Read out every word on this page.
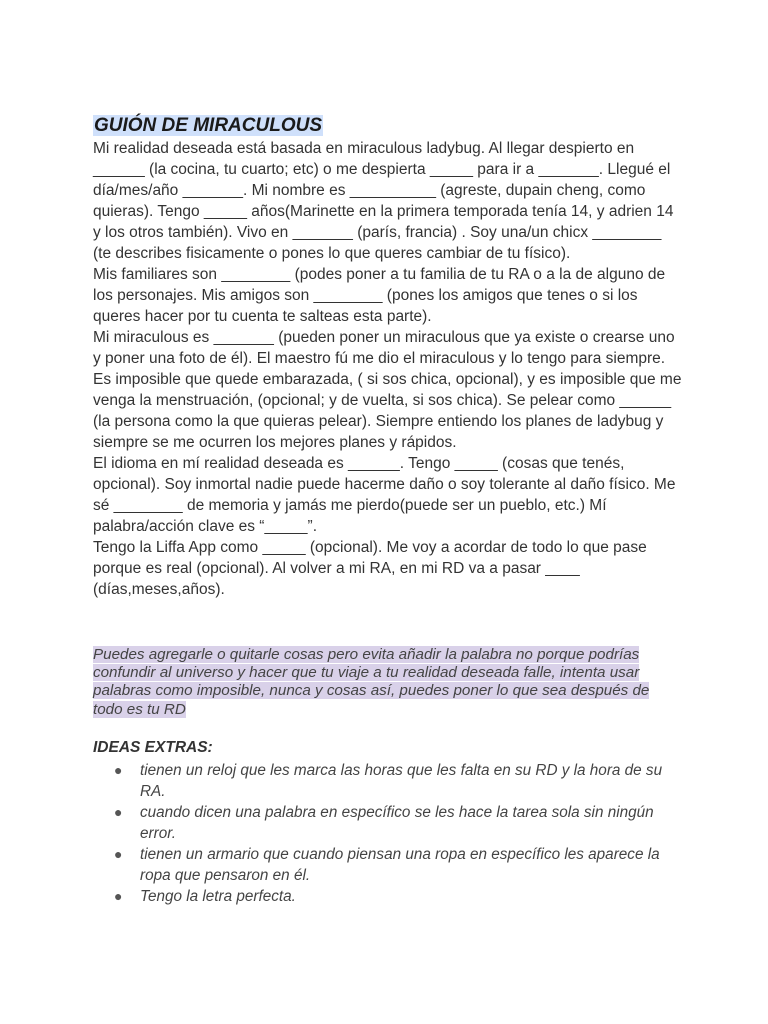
GUIÓN DE MIRACULOUS

Mi realidad deseada está basada en miraculous ladybug. Al llegar despierto en ______ (la cocina, tu cuarto; etc) o me despierta _____ para ir a _______. Llegué el día/mes/año _______. Mi nombre es __________ (agreste, dupain cheng, como quieras). Tengo _____ años(Marinette en la primera temporada tenía 14, y adrien 14 y los otros también). Vivo en _______ (parís, francia) . Soy una/un chicx ________ (te describes fisicamente o pones lo que queres cambiar de tu físico).

Mis familiares son ________ (podes poner a tu familia de tu RA o a la de alguno de los personajes. Mis amigos son ________ (pones los amigos que tenes o si los queres hacer por tu cuenta te salteas esta parte).

Mi miraculous es _______ (pueden poner un miraculous que ya existe o crearse uno y poner una foto de él). El maestro fú me dio el miraculous y lo tengo para siempre.

Es imposible que quede embarazada, ( si sos chica, opcional), y es imposible que me venga la menstruación, (opcional; y de vuelta, si sos chica). Se pelear como ______ (la persona como la que quieras pelear). Siempre entiendo los planes de ladybug y siempre se me ocurren los mejores planes y rápidos.

El idioma en mí realidad deseada es ______. Tengo _____ (cosas que tenés, opcional). Soy inmortal nadie puede hacerme daño o soy tolerante al daño físico. Me sé ________ de memoria y jamás me pierdo(puede ser un pueblo, etc.) Mí palabra/acción clave es “_____”.

Tengo la Liffa App como _____ (opcional). Me voy a acordar de todo lo que pase porque es real (opcional). Al volver a mi RA, en mi RD va a pasar ____ (días,meses,años).

Puedes agregarle o quitarle cosas pero evita añadir la palabra no porque podrías confundir al universo y hacer que tu viaje a tu realidad deseada falle, intenta usar palabras como imposible, nunca y cosas así, puedes poner lo que sea después de todo es tu RD
IDEAS EXTRAS:
● tienen un reloj que les marca las horas que les falta en su RD y la hora de su RA.
● cuando dicen una palabra en específico se les hace la tarea sola sin ningún error.
● tienen un armario que cuando piensan una ropa en específico les aparece la ropa que pensaron en él.
● Tengo la letra perfecta.
